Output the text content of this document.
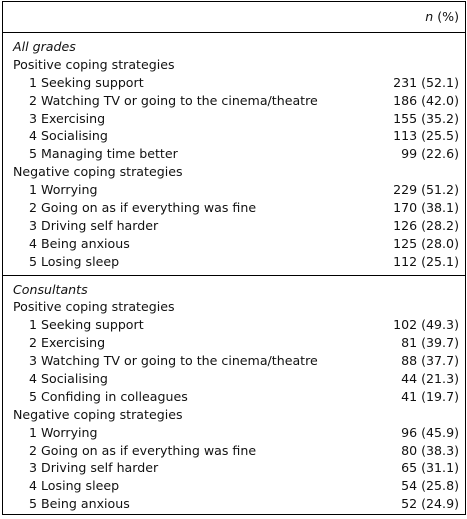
n (%)
All grades
Positive coping strategies
1 Seeking support	231 (52.1)
2 Watching TV or going to the cinema/theatre	186 (42.0)
3 Exercising	155 (35.2)
4 Socialising	113 (25.5)
5 Managing time better	99 (22.6)
Negative coping strategies
1 Worrying	229 (51.2)
2 Going on as if everything was fine	170 (38.1)
3 Driving self harder	126 (28.2)
4 Being anxious	125 (28.0)
5 Losing sleep	112 (25.1)
Consultants
Positive coping strategies
1 Seeking support	102 (49.3)
2 Exercising	81 (39.7)
3 Watching TV or going to the cinema/theatre	88 (37.7)
4 Socialising	44 (21.3)
5 Confiding in colleagues	41 (19.7)
Negative coping strategies
1 Worrying	96 (45.9)
2 Going on as if everything was fine	80 (38.3)
3 Driving self harder	65 (31.1)
4 Losing sleep	54 (25.8)
5 Being anxious	52 (24.9)
